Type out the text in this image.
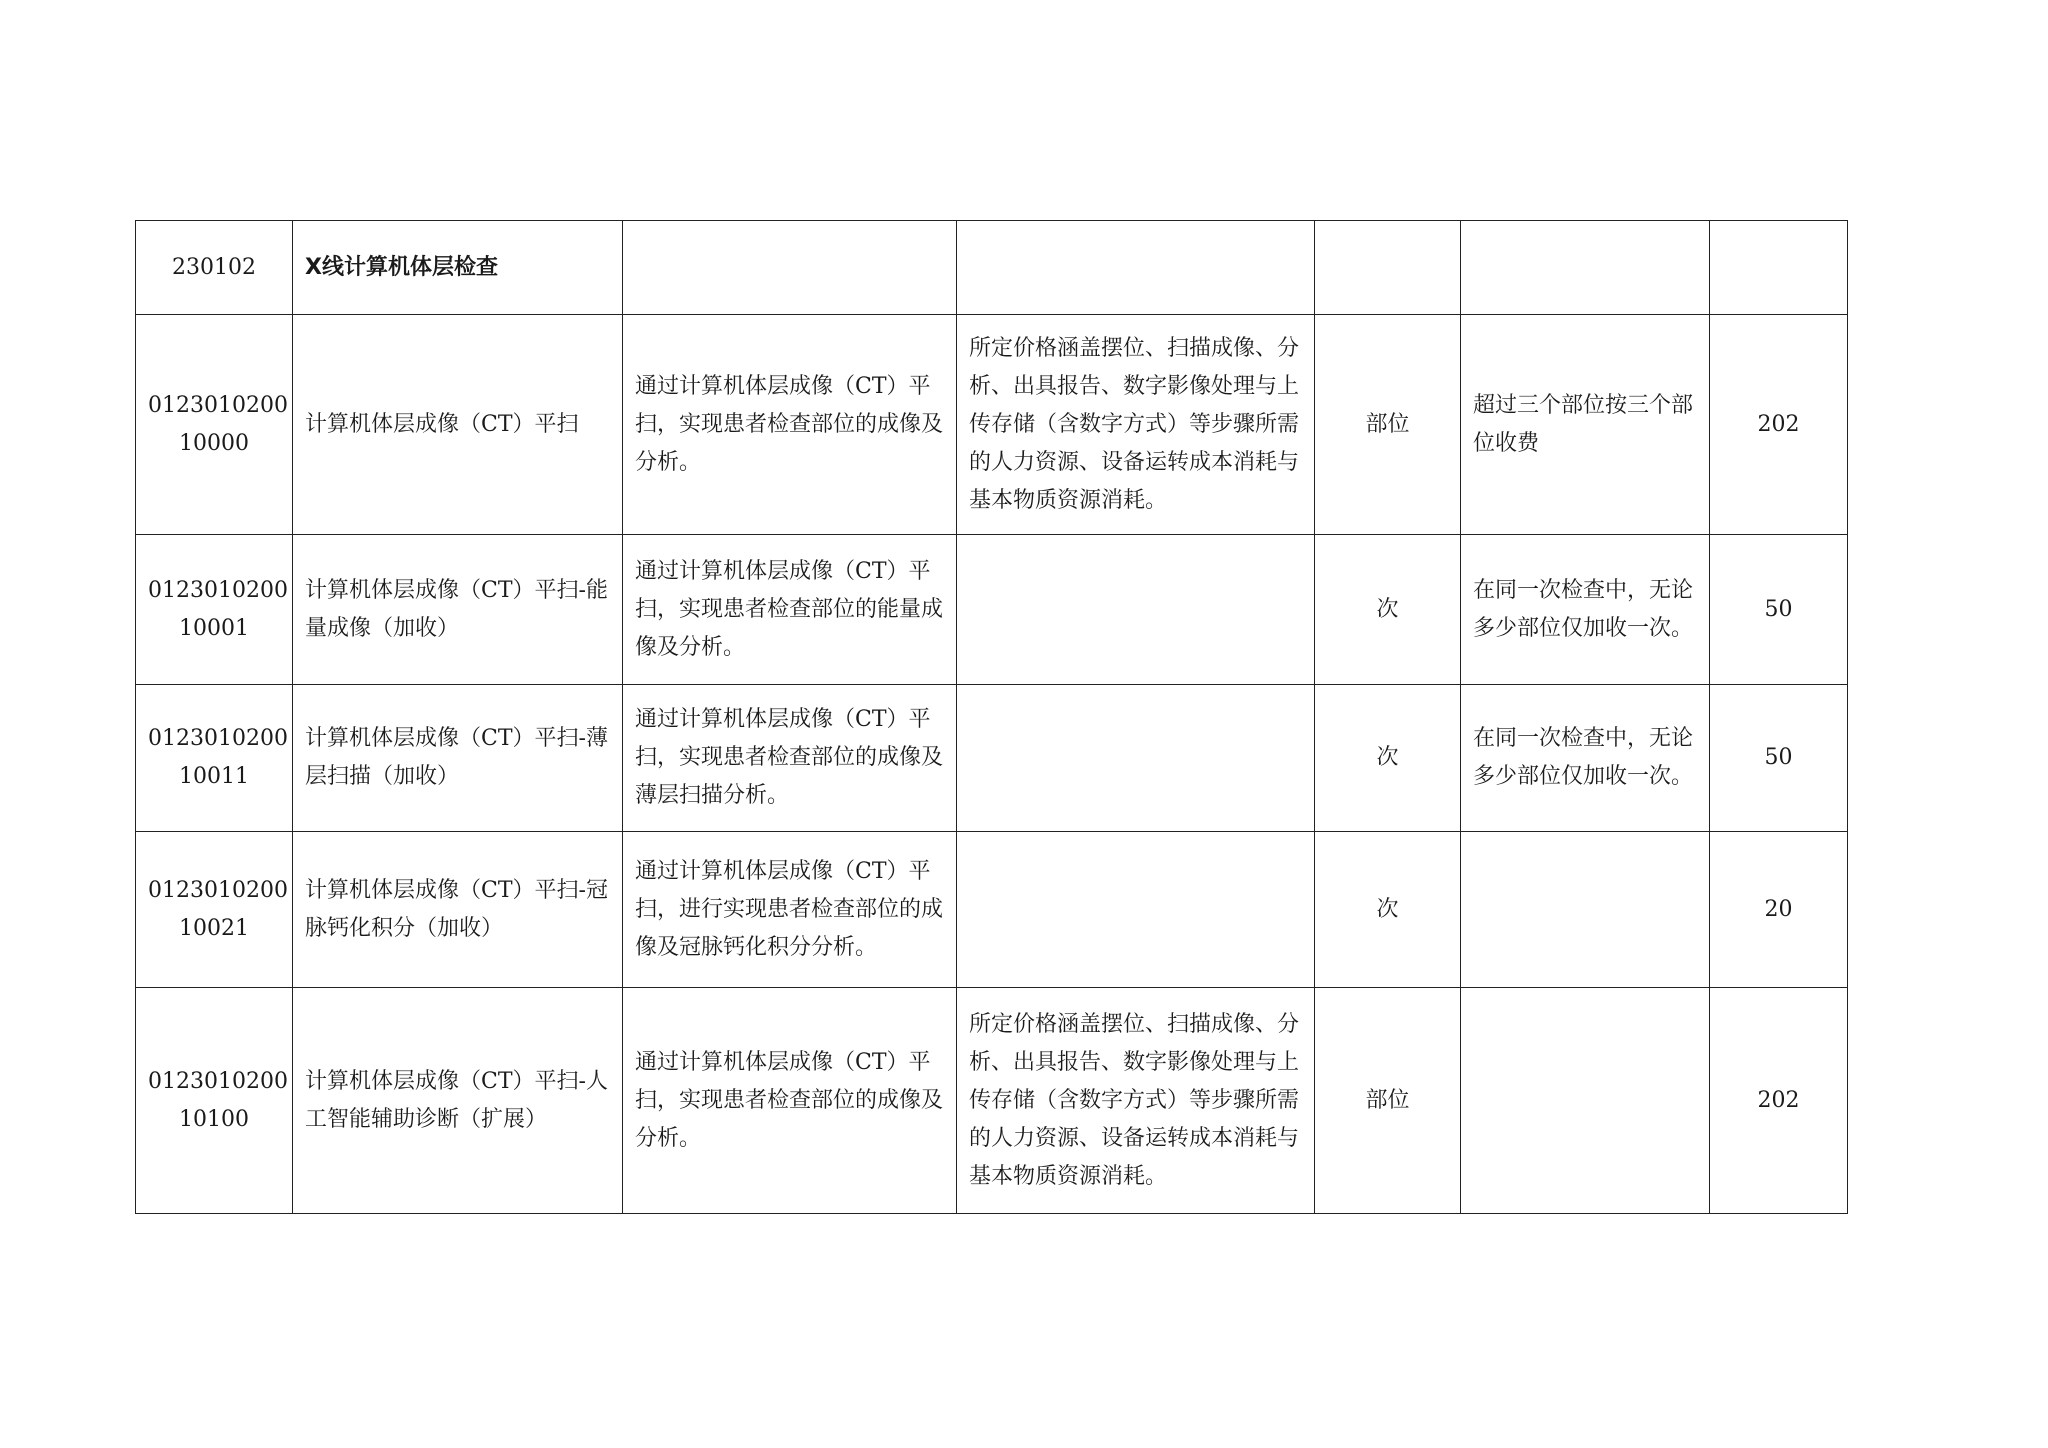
230102	X线计算机体层检查					

0123010200
10000	计算机体层成像（CT）平扫	通过计算机体层成像（CT）平扫，实现患者检查部位的成像及分析。	所定价格涵盖摆位、扫描成像、分析、出具报告、数字影像处理与上传存储（含数字方式）等步骤所需的人力资源、设备运转成本消耗与基本物质资源消耗。	部位	超过三个部位按三个部位收费	202

0123010200
10001	计算机体层成像（CT）平扫-能量成像（加收）	通过计算机体层成像（CT）平扫，实现患者检查部位的能量成像及分析。		次	在同一次检查中，无论多少部位仅加收一次。	50

0123010200
10011	计算机体层成像（CT）平扫-薄层扫描（加收）	通过计算机体层成像（CT）平扫，实现患者检查部位的成像及薄层扫描分析。		次	在同一次检查中，无论多少部位仅加收一次。	50

0123010200
10021	计算机体层成像（CT）平扫-冠脉钙化积分（加收）	通过计算机体层成像（CT）平扫，进行实现患者检查部位的成像及冠脉钙化积分分析。		次		20

0123010200
10100	计算机体层成像（CT）平扫-人工智能辅助诊断（扩展）	通过计算机体层成像（CT）平扫，实现患者检查部位的成像及分析。	所定价格涵盖摆位、扫描成像、分析、出具报告、数字影像处理与上传存储（含数字方式）等步骤所需的人力资源、设备运转成本消耗与基本物质资源消耗。	部位		202
